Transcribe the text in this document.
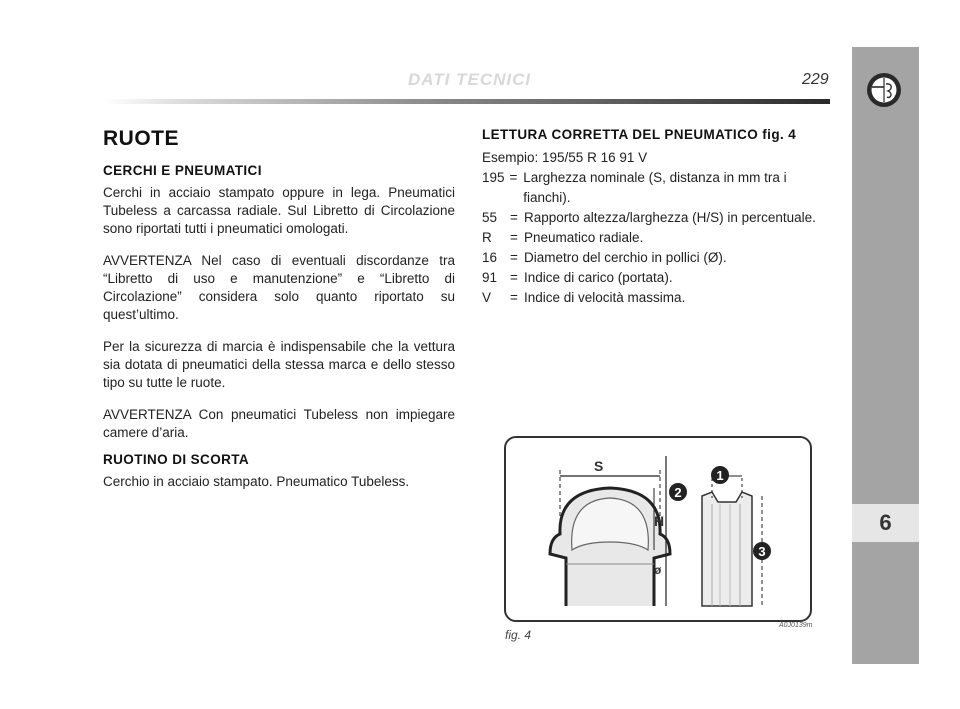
6
DATI TECNICI	229
RUOTE
CERCHI E PNEUMATICI

Cerchi in acciaio stampato oppure in lega. Pneumatici Tubeless a carcassa radiale. Sul Libretto di Circolazione sono riportati tutti i pneumatici omologati.

AVVERTENZA Nel caso di eventuali discordanze tra “Libretto di uso e manutenzione” e “Libretto di Circolazione” considera solo quanto riportato su quest’ultimo.

Per la sicurezza di marcia è indispensabile che la vettura sia dotata di pneumatici della stessa marca e dello stesso tipo su tutte le ruote.

AVVERTENZA Con pneumatici Tubeless non impiegare camere d’aria.

RUOTINO DI SCORTA

Cerchio in acciaio stampato. Pneumatico Tubeless.

LETTURA CORRETTA DEL PNEUMATICO fig. 4
Esempio: 195/55 R 16 91 V
195 = Larghezza nominale (S, distanza in mm tra i fianchi).
55 = Rapporto altezza/larghezza (H/S) in percentuale.
R	= Pneumatico radiale.
16 = Diametro del cerchio in pollici (Ø).
91 = Indice di carico (portata).
V	= Indice di velocità massima.
S
H
ø
1
2
3
fig. 4
A0J0139m
